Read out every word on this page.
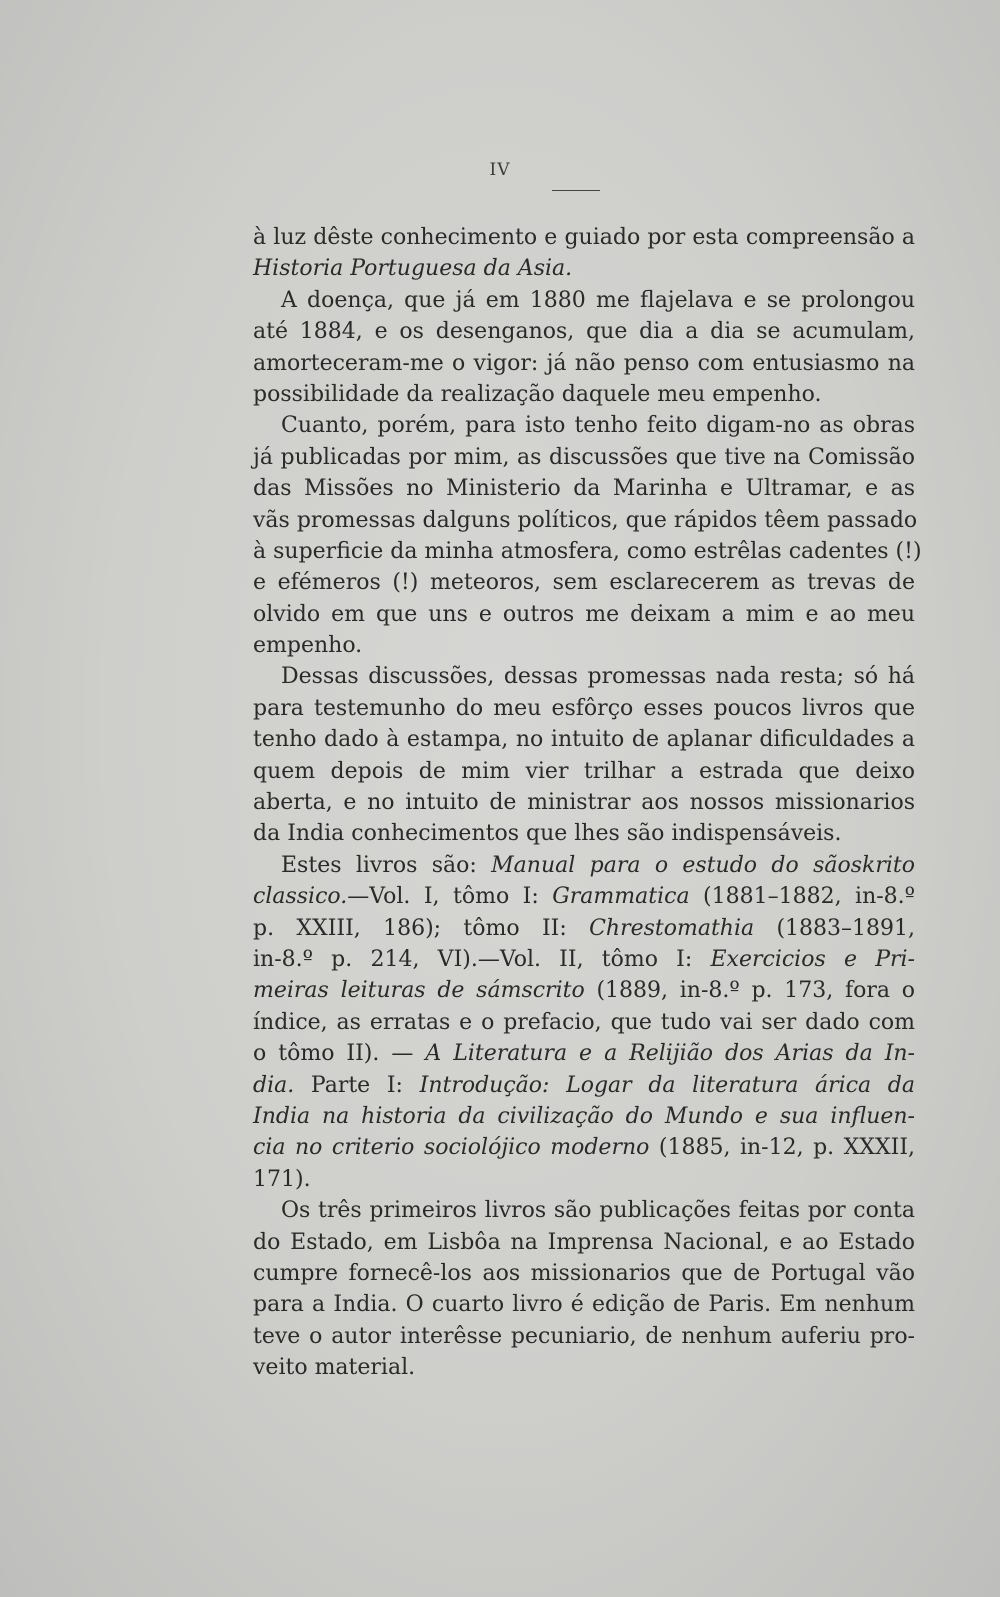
IV
à luz dêste conhecimento e guiado por esta compreensão a
Historia Portuguesa da Asia.
A doença, que já em 1880 me flajelava e se prolongou
até 1884, e os desenganos, que dia a dia se acumulam,
amorteceram-me o vigor: já não penso com entusiasmo na
possibilidade da realização daquele meu empenho.
Cuanto, porém, para isto tenho feito digam-no as obras
já publicadas por mim, as discussões que tive na Comissão
das Missões no Ministerio da Marinha e Ultramar, e as
vãs promessas dalguns políticos, que rápidos têem passado
à superficie da minha atmosfera, como estrêlas cadentes (!)
e efémeros (!) meteoros, sem esclarecerem as trevas de
olvido em que uns e outros me deixam a mim e ao meu
empenho.
Dessas discussões, dessas promessas nada resta; só há
para testemunho do meu esfôrço esses poucos livros que
tenho dado à estampa, no intuito de aplanar dificuldades a
quem depois de mim vier trilhar a estrada que deixo
aberta, e no intuito de ministrar aos nossos missionarios
da India conhecimentos que lhes são indispensáveis.
Estes livros são: Manual para o estudo do sãoskrito
classico.—Vol. I, tômo I: Grammatica (1881–1882, in-8.º
p. XXIII, 186); tômo II: Chrestomathia (1883–1891,
in-8.º p. 214, VI).—Vol. II, tômo I: Exercicios e Pri-
meiras leituras de sámscrito (1889, in-8.º p. 173, fora o
índice, as erratas e o prefacio, que tudo vai ser dado com
o tômo II). — A Literatura e a Relijião dos Arias da In-
dia. Parte I: Introdução: Logar da literatura árica da
India na historia da civilização do Mundo e sua influen-
cia no criterio sociolójico moderno (1885, in-12, p. XXXII,
171).
Os três primeiros livros são publicações feitas por conta
do Estado, em Lisbôa na Imprensa Nacional, e ao Estado
cumpre fornecê-los aos missionarios que de Portugal vão
para a India. O cuarto livro é edição de Paris. Em nenhum
teve o autor interêsse pecuniario, de nenhum auferiu pro-
veito material.
